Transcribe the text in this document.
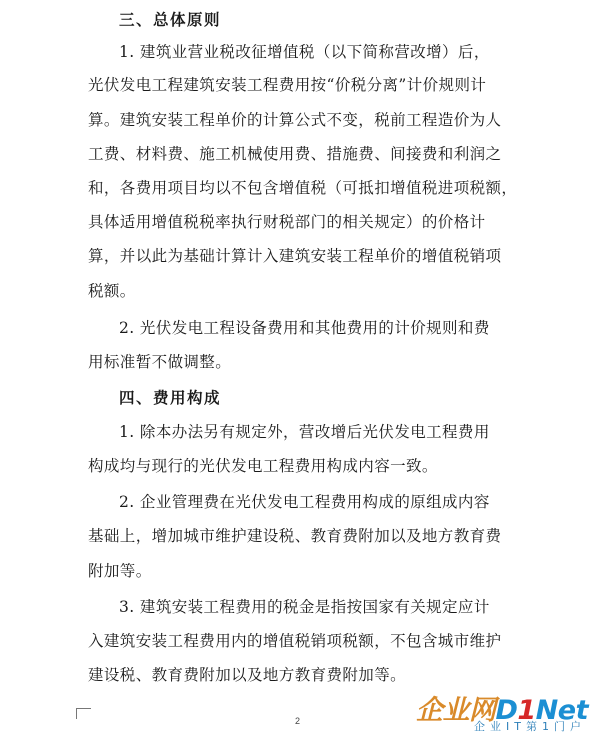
三、总体原则
1. 建筑业营业税改征增值税（以下简称营改增）后，
光伏发电工程建筑安装工程费用按“价税分离”计价规则计
算。建筑安装工程单价的计算公式不变，税前工程造价为人
工费、材料费、施工机械使用费、措施费、间接费和利润之
和，各费用项目均以不包含增值税（可抵扣增值税进项税额，
具体适用增值税税率执行财税部门的相关规定）的价格计
算，并以此为基础计算计入建筑安装工程单价的增值税销项
税额。
2. 光伏发电工程设备费用和其他费用的计价规则和费
用标准暂不做调整。
四、费用构成
1. 除本办法另有规定外，营改增后光伏发电工程费用
构成均与现行的光伏发电工程费用构成内容一致。
2. 企业管理费在光伏发电工程费用构成的原组成内容
基础上，增加城市维护建设税、教育费附加以及地方教育费
附加等。
3. 建筑安装工程费用的税金是指按国家有关规定应计
入建筑安装工程费用内的增值税销项税额，不包含城市维护
建设税、教育费附加以及地方教育费附加等。
2	企业网D1Net
企业IT第1门户
